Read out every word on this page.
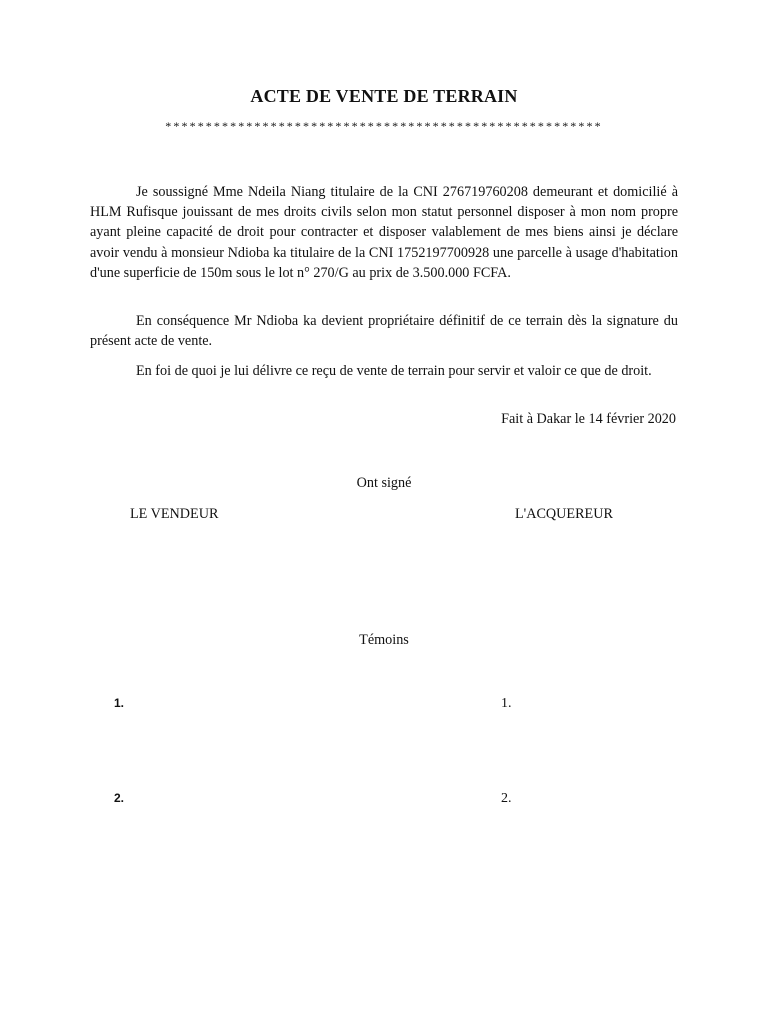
ACTE DE VENTE DE TERRAIN
******************************************************

Je soussigné Mme Ndeila Niang titulaire de la CNI 276719760208 demeurant et domicilié à HLM Rufisque jouissant de mes droits civils selon mon statut personnel disposer à mon nom propre ayant pleine capacité de droit pour contracter et disposer valablement de mes biens ainsi je déclare avoir vendu à monsieur Ndioba ka titulaire de la CNI 1752197700928 une parcelle à usage d'habitation d'une superficie de 150m sous le lot n° 270/G au prix de 3.500.000 FCFA.

En conséquence Mr Ndioba ka devient propriétaire définitif de ce terrain dès la signature du présent acte de vente.

En foi de quoi je lui délivre ce reçu de vente de terrain pour servir et valoir ce que de droit.

Fait à Dakar le 14 février 2020
Ont signé
LE VENDEUR	L'ACQUEREUR
Témoins
1.	1.
2.	2.
